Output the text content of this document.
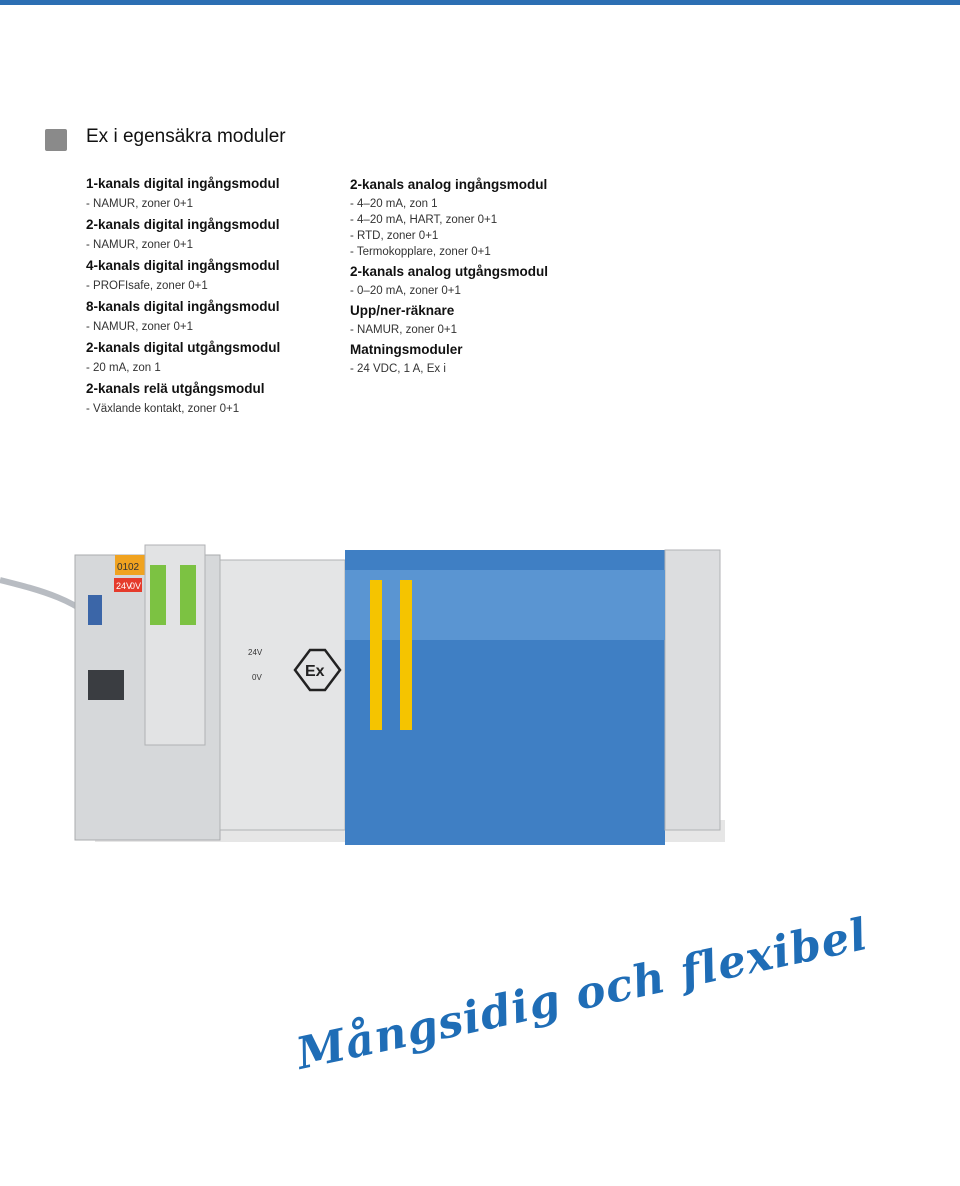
Ex i egensäkra moduler
1-kanals digital ingångsmodul
- NAMUR, zoner 0+1
2-kanals digital ingångsmodul
- NAMUR, zoner 0+1
4-kanals digital ingångsmodul
- PROFIsafe, zoner 0+1
8-kanals digital ingångsmodul
- NAMUR, zoner 0+1
2-kanals digital utgångsmodul
- 20 mA, zon 1
2-kanals relä utgångsmodul
- Växlande kontakt, zoner 0+1
2-kanals analog ingångsmodul
- 4–20 mA, zon 1
- 4–20 mA, HART, zoner 0+1
- RTD, zoner 0+1
- Termokopplare, zoner 0+1
2-kanals analog utgångsmodul
- 0–20 mA, zoner 0+1
Upp/ner-räknare
- NAMUR, zoner 0+1
Matningsmoduler
- 24 VDC, 1 A, Ex i
01 02
24V
0V
24V
0V	Ex
Mångsidig och flexibel
